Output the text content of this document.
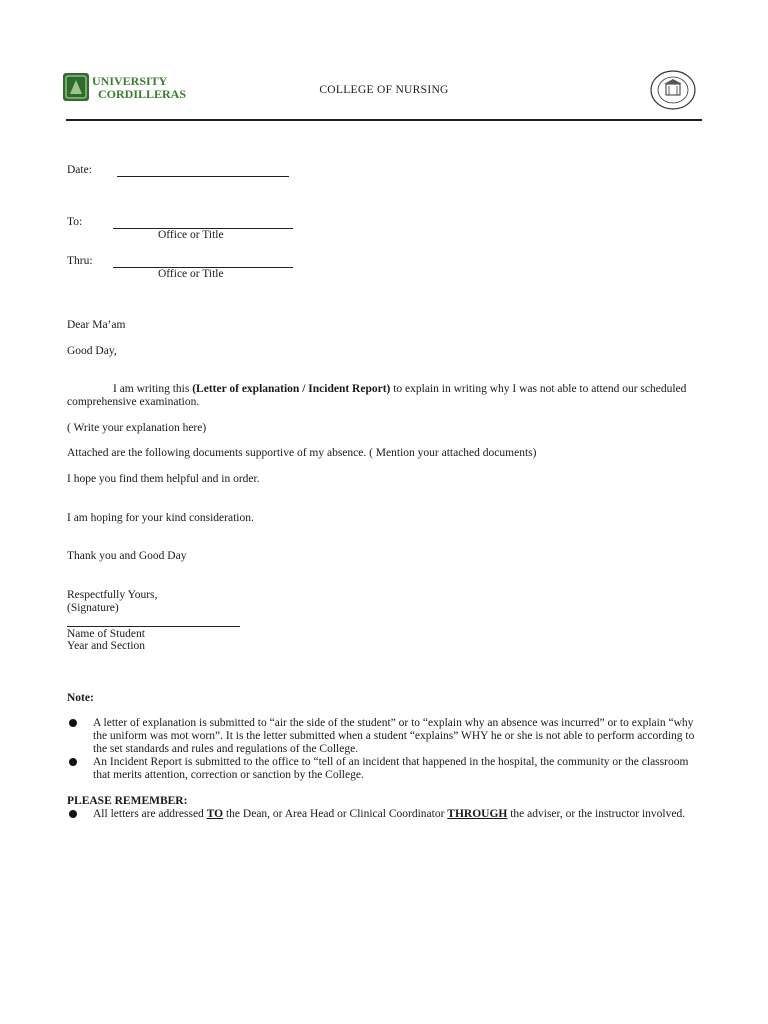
UNIVERSITY
CORDILLERAS	COLLEGE OF NURSING
Date:
To:
Office or Title
Thru:
Office or Title
Dear Ma’am
Good Day,
I am writing this (Letter of explanation / Incident Report) to explain in writing why I was not able to attend our scheduled comprehensive examination.
( Write your explanation here)
Attached are the following documents supportive of my absence. ( Mention your attached documents)
I hope you find them helpful and in order.
I am hoping for your kind consideration.
Thank you and Good Day
Respectfully Yours,
(Signature)
Name of Student
Year and Section
Note:
A letter of explanation is submitted to “air the side of the student” or to “explain why an absence was incurred” or to explain “why the uniform was mot worn”. It is the letter submitted when a student “explains” WHY he or she is not able to perform according to the set standards and rules and regulations of the College.
An Incident Report is submitted to the office to “tell of an incident that happened in the hospital, the community or the classroom that merits attention, correction or sanction by the College.
PLEASE REMEMBER:
All letters are addressed TO the Dean, or Area Head or Clinical Coordinator THROUGH the adviser, or the instructor involved.
